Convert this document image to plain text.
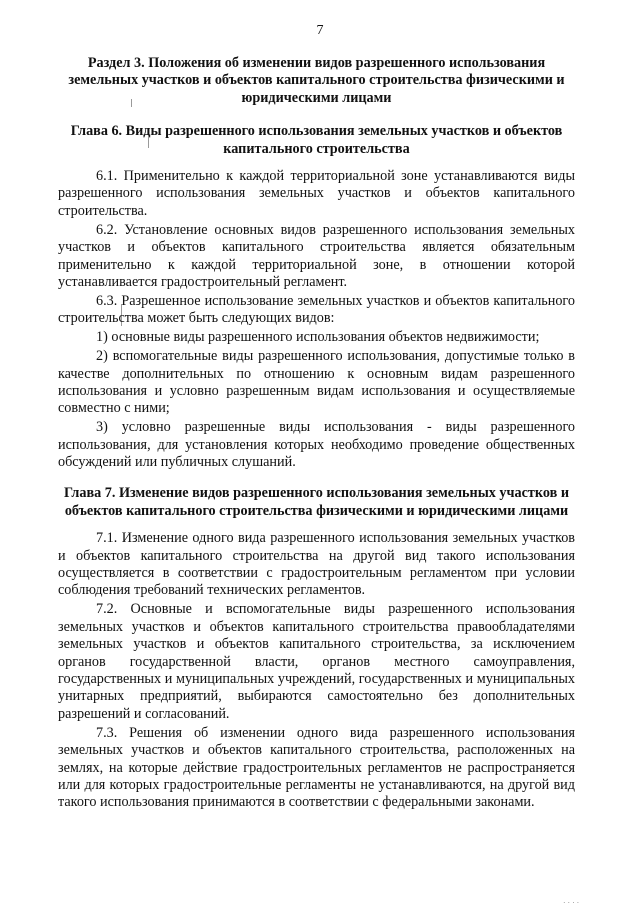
7
....

Раздел 3. Положения об изменении видов разрешенного использования земельных участков и объектов капитального строительства физическими и юридическими лицами

Глава 6. Виды разрешенного использования земельных участков и объектов капитального строительства

6.1. Применительно к каждой территориальной зоне устанавливаются виды разрешенного использования земельных участков и объектов капитального строительства.

6.2. Установление основных видов разрешенного использования земельных участков и объектов капитального строительства является обязательным применительно к каждой территориальной зоне, в отношении которой устанавливается градостроительный регламент.

6.3. Разрешенное использование земельных участков и объектов капитального строительства может быть следующих видов:

1) основные виды разрешенного использования объектов недвижимости;

2) вспомогательные виды разрешенного использования, допустимые только в качестве дополнительных по отношению к основным видам разрешенного использования и условно разрешенным видам использования и осуществляемые совместно с ними;

3) условно разрешенные виды использования - виды разрешенного использования, для установления которых необходимо проведение общественных обсуждений или публичных слушаний.

Глава 7. Изменение видов разрешенного использования земельных участков и объектов капитального строительства физическими и юридическими лицами

7.1. Изменение одного вида разрешенного использования земельных участков и объектов капитального строительства на другой вид такого использования осуществляется в соответствии с градостроительным регламентом при условии соблюдения требований технических регламентов.

7.2. Основные и вспомогательные виды разрешенного использования земельных участков и объектов капитального строительства правообладателями земельных участков и объектов капитального строительства, за исключением органов государственной власти, органов местного самоуправления, государственных и муниципальных учреждений, государственных и муниципальных унитарных предприятий, выбираются самостоятельно без дополнительных разрешений и согласований.

7.3. Решения об изменении одного вида разрешенного использования земельных участков и объектов капитального строительства, расположенных на землях, на которые действие градостроительных регламентов не распространяется или для которых градостроительные регламенты не устанавливаются, на другой вид такого использования принимаются в соответствии с федеральными законами.
